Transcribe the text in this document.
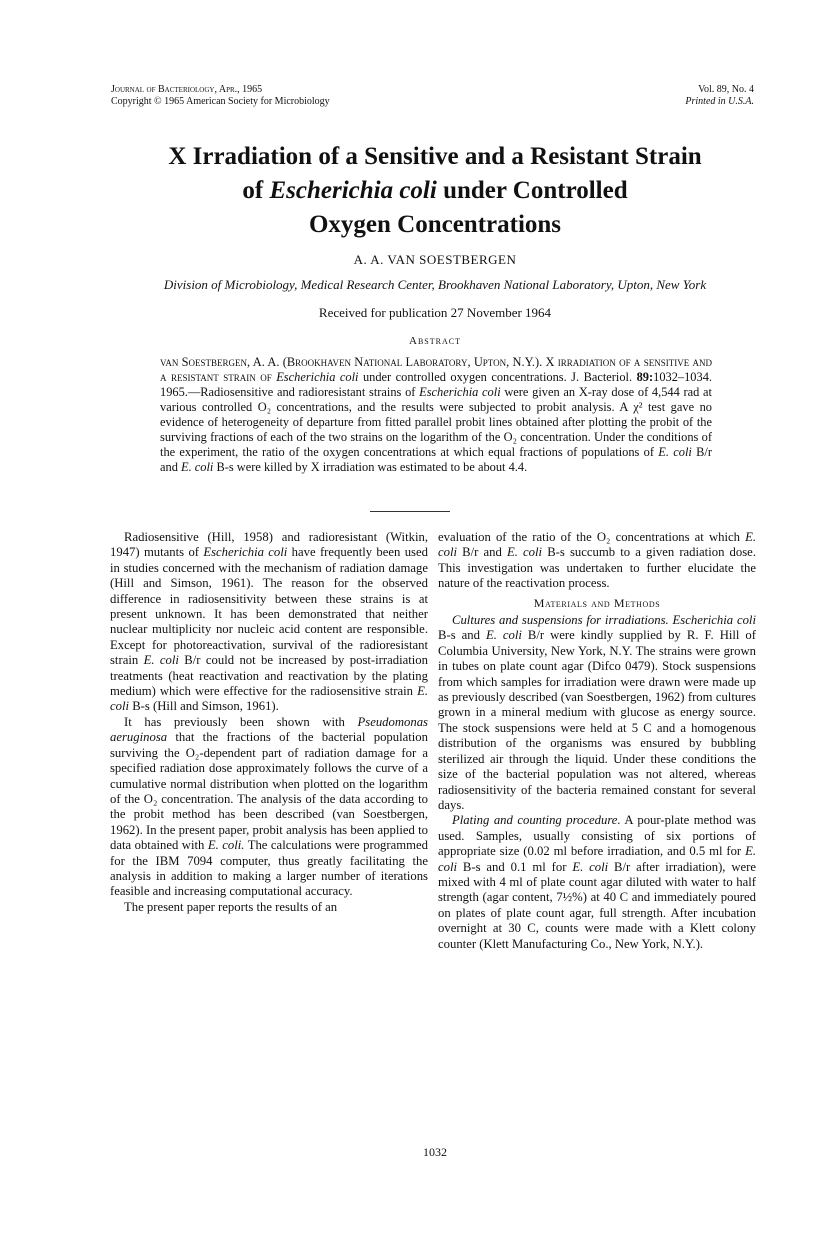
Journal of Bacteriology, Apr., 1965
Copyright © 1965 American Society for Microbiology
Vol. 89, No. 4
Printed in U.S.A.
X Irradiation of a Sensitive and a Resistant Strain
of Escherichia coli under Controlled
Oxygen Concentrations
A. A. VAN SOESTBERGEN
Division of Microbiology, Medical Research Center, Brookhaven National Laboratory, Upton, New York
Received for publication 27 November 1964
Abstract

van Soestbergen, A. A. (Brookhaven National Laboratory, Upton, N.Y.). X irradiation of a sensitive and a resistant strain of Escherichia coli under controlled oxygen concentrations. J. Bacteriol. 89:1032–1034. 1965.—Radiosensitive and radioresistant strains of Escherichia coli were given an X-ray dose of 4,544 rad at various controlled O₂ concentrations, and the results were subjected to probit analysis. A χ² test gave no evidence of heterogeneity of departure from fitted parallel probit lines obtained after plotting the probit of the surviving fractions of each of the two strains on the logarithm of the O₂ concentration. Under the conditions of the experiment, the ratio of the oxygen concentrations at which equal fractions of populations of E. coli B/r and E. coli B-s were killed by X irradiation was estimated to be about 4.4.

Radiosensitive (Hill, 1958) and radioresistant (Witkin, 1947) mutants of Escherichia coli have frequently been used in studies concerned with the mechanism of radiation damage (Hill and Simson, 1961). The reason for the observed difference in radiosensitivity between these strains is at present unknown. It has been demonstrated that neither nuclear multiplicity nor nucleic acid content are responsible. Except for photoreactivation, survival of the radioresistant strain E. coli B/r could not be increased by post-irradiation treatments (heat reactivation and reactivation by the plating medium) which were effective for the radiosensitive strain E. coli B-s (Hill and Simson, 1961).

It has previously been shown with Pseudomonas aeruginosa that the fractions of the bacterial population surviving the O₂-dependent part of radiation damage for a specified radiation dose approximately follows the curve of a cumulative normal distribution when plotted on the logarithm of the O₂ concentration. The analysis of the data according to the probit method has been described (van Soestbergen, 1962). In the present paper, probit analysis has been applied to data obtained with E. coli. The calculations were programmed for the IBM 7094 computer, thus greatly facilitating the analysis in addition to making a larger number of iterations feasible and increasing computational accuracy.

The present paper reports the results of an

evaluation of the ratio of the O₂ concentrations at which E. coli B/r and E. coli B-s succumb to a given radiation dose. This investigation was undertaken to further elucidate the nature of the reactivation process.

Materials and Methods

Cultures and suspensions for irradiations. Escherichia coli B-s and E. coli B/r were kindly supplied by R. F. Hill of Columbia University, New York, N.Y. The strains were grown in tubes on plate count agar (Difco 0479). Stock suspensions from which samples for irradiation were drawn were made up as previously described (van Soestbergen, 1962) from cultures grown in a mineral medium with glucose as energy source. The stock suspensions were held at 5 C and a homogenous distribution of the organisms was ensured by bubbling sterilized air through the liquid. Under these conditions the size of the bacterial population was not altered, whereas radiosensitivity of the bacteria remained constant for several days.

Plating and counting procedure. A pour-plate method was used. Samples, usually consisting of six portions of appropriate size (0.02 ml before irradiation, and 0.5 ml for E. coli B-s and 0.1 ml for E. coli B/r after irradiation), were mixed with 4 ml of plate count agar diluted with water to half strength (agar content, 7½%) at 40 C and immediately poured on plates of plate count agar, full strength. After incubation overnight at 30 C, counts were made with a Klett colony counter (Klett Manufacturing Co., New York, N.Y.).

1032
